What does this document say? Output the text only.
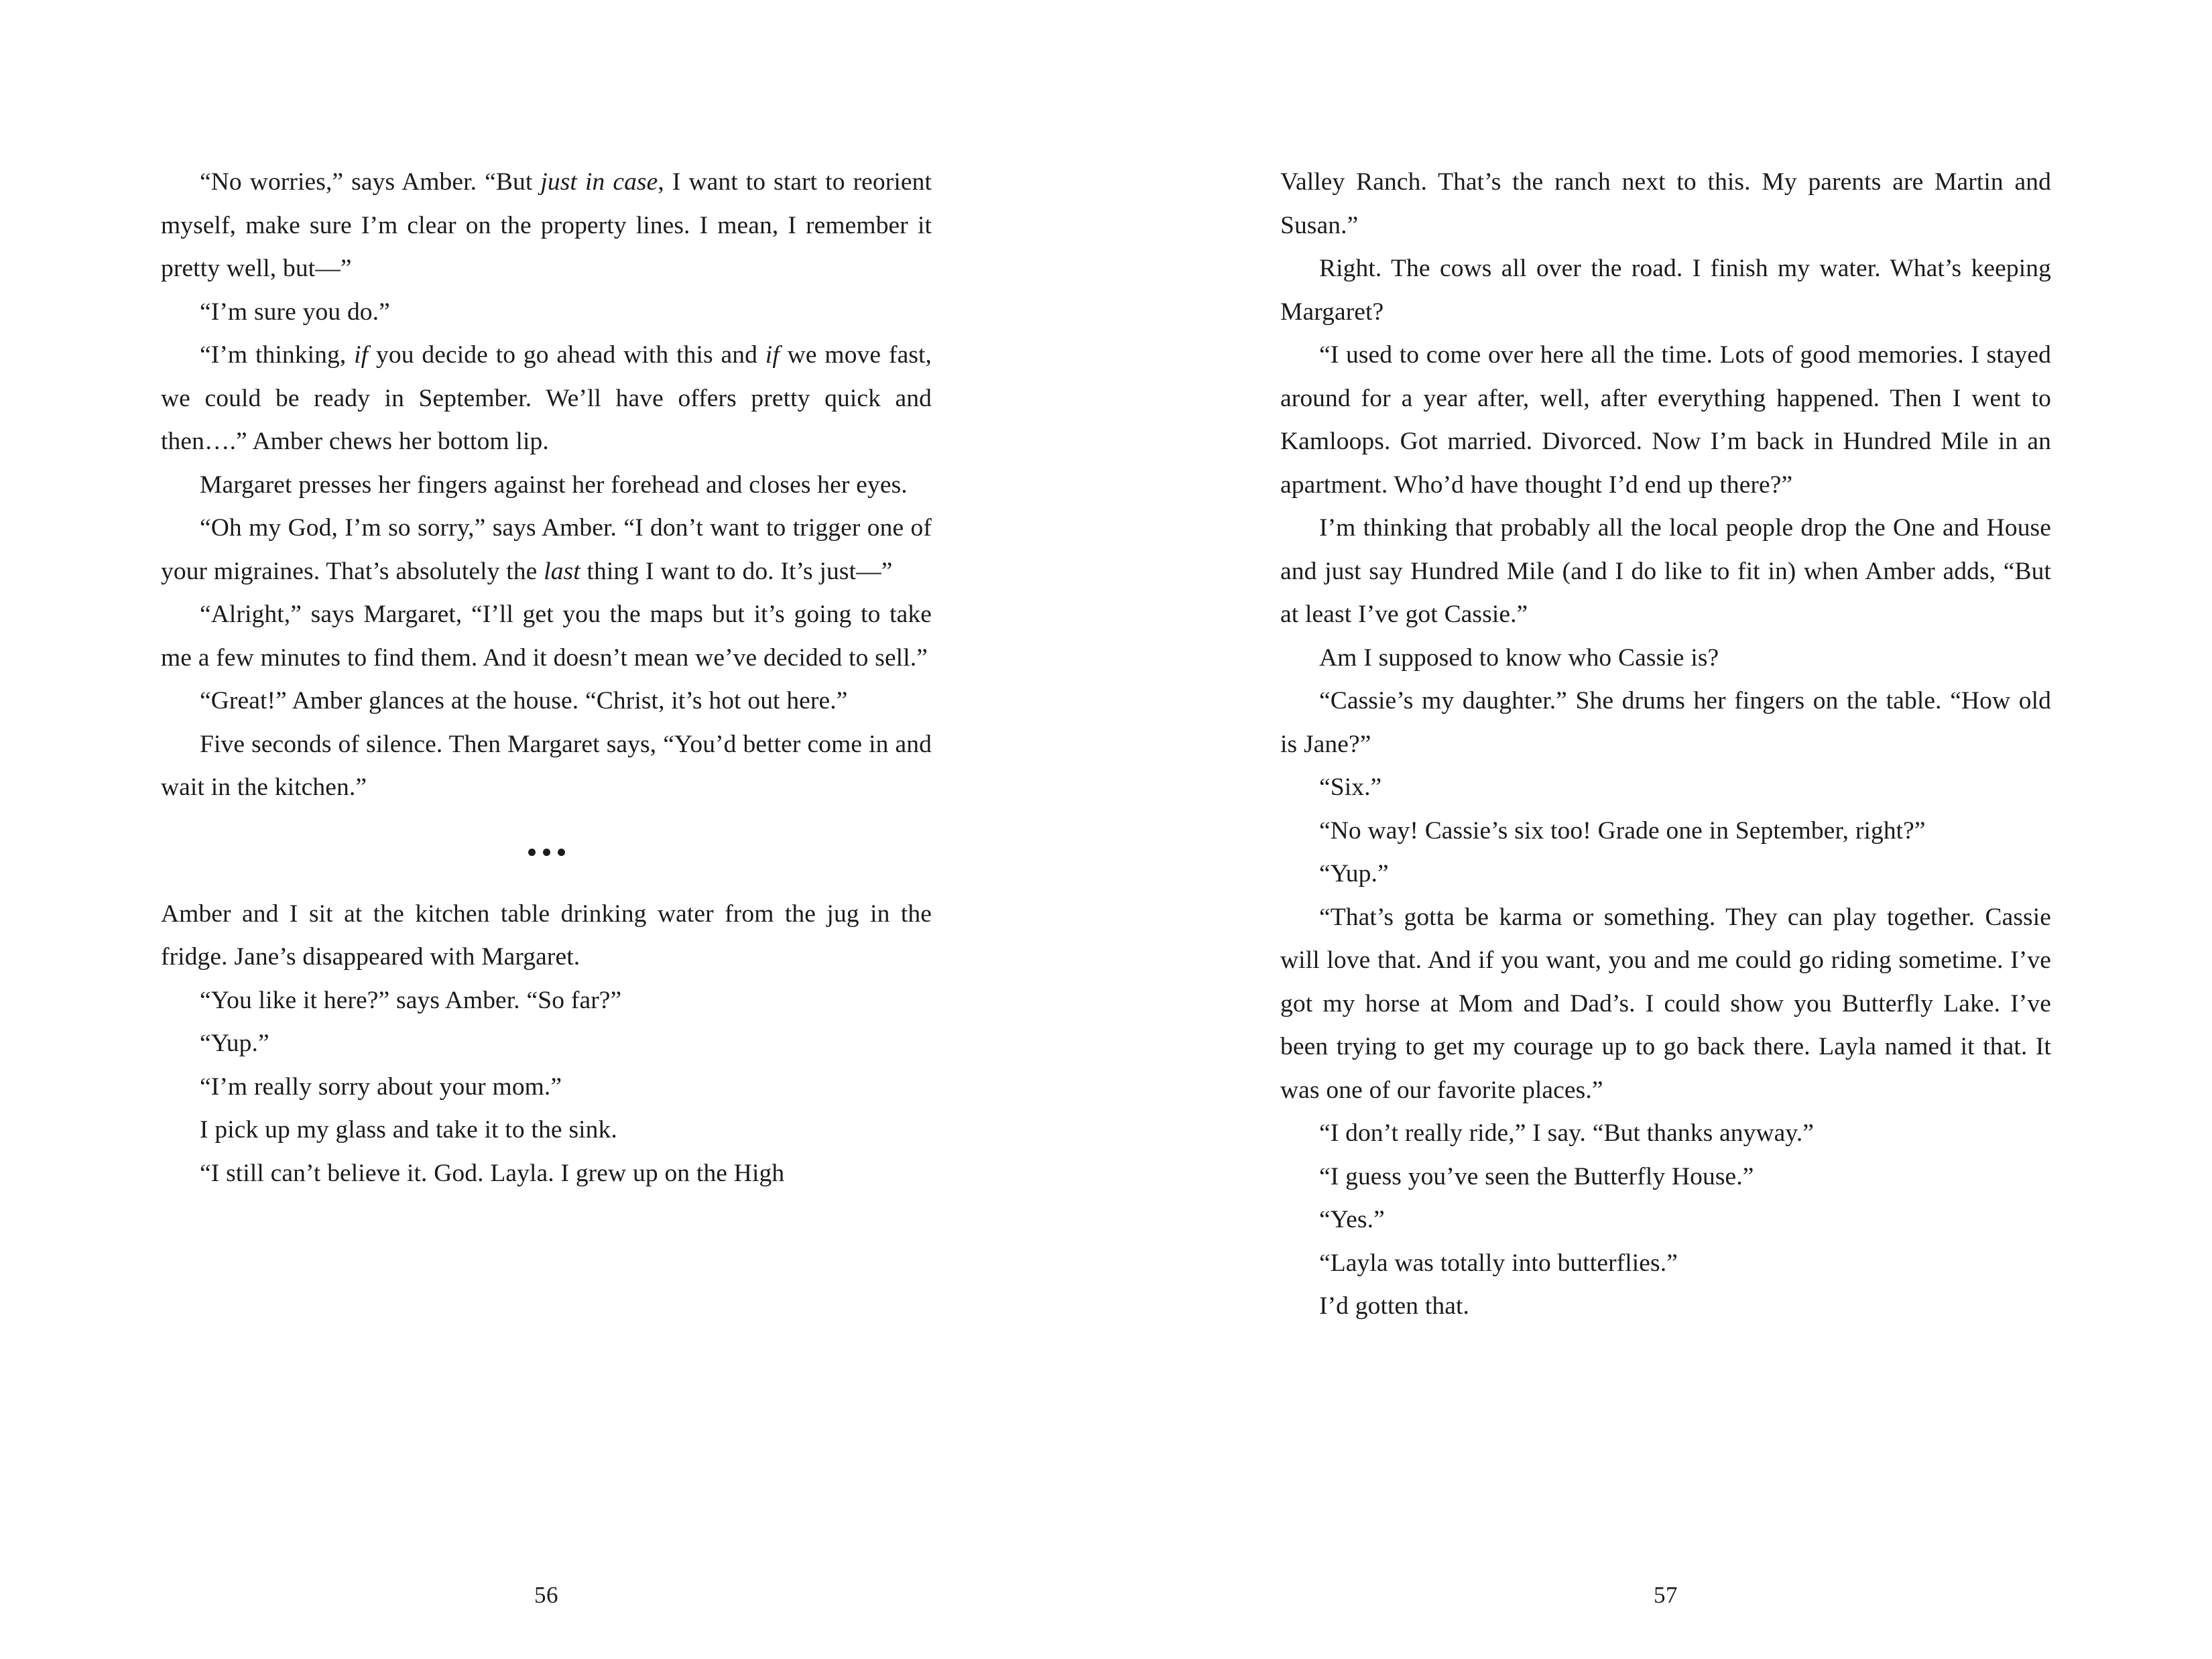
“No worries,” says Amber. “But just in case, I want to start to reorient myself, make sure I’m clear on the property lines. I mean, I remember it pretty well, but—”

“I’m sure you do.”

“I’m thinking, if you decide to go ahead with this and if we move fast, we could be ready in September. We’ll have offers pretty quick and then….” Amber chews her bottom lip.

Margaret presses her fingers against her forehead and closes her eyes.

“Oh my God, I’m so sorry,” says Amber. “I don’t want to trigger one of your migraines. That’s absolutely the last thing I want to do. It’s just—”

“Alright,” says Margaret, “I’ll get you the maps but it’s going to take me a few minutes to find them. And it doesn’t mean we’ve decided to sell.”

“Great!” Amber glances at the house. “Christ, it’s hot out here.”

Five seconds of silence. Then Margaret says, “You’d better come in and wait in the kitchen.”

Amber and I sit at the kitchen table drinking water from the jug in the fridge. Jane’s disappeared with Margaret.

“You like it here?” says Amber. “So far?”

“Yup.”

“I’m really sorry about your mom.”

I pick up my glass and take it to the sink.

“I still can’t believe it. God. Layla. I grew up on the High

56

Valley Ranch. That’s the ranch next to this. My parents are Martin and Susan.”

Right. The cows all over the road. I finish my water. What’s keeping Margaret?

“I used to come over here all the time. Lots of good memories. I stayed around for a year after, well, after everything happened. Then I went to Kamloops. Got married. Divorced. Now I’m back in Hundred Mile in an apartment. Who’d have thought I’d end up there?”

I’m thinking that probably all the local people drop the One and House and just say Hundred Mile (and I do like to fit in) when Amber adds, “But at least I’ve got Cassie.”

Am I supposed to know who Cassie is?

“Cassie’s my daughter.” She drums her fingers on the table. “How old is Jane?”

“Six.”

“No way! Cassie’s six too! Grade one in September, right?”

“Yup.”

“That’s gotta be karma or something. They can play together. Cassie will love that. And if you want, you and me could go riding sometime. I’ve got my horse at Mom and Dad’s. I could show you Butterfly Lake. I’ve been trying to get my courage up to go back there. Layla named it that. It was one of our favorite places.”

“I don’t really ride,” I say. “But thanks anyway.”

“I guess you’ve seen the Butterfly House.”

“Yes.”

“Layla was totally into butterflies.”

I’d gotten that.

57
